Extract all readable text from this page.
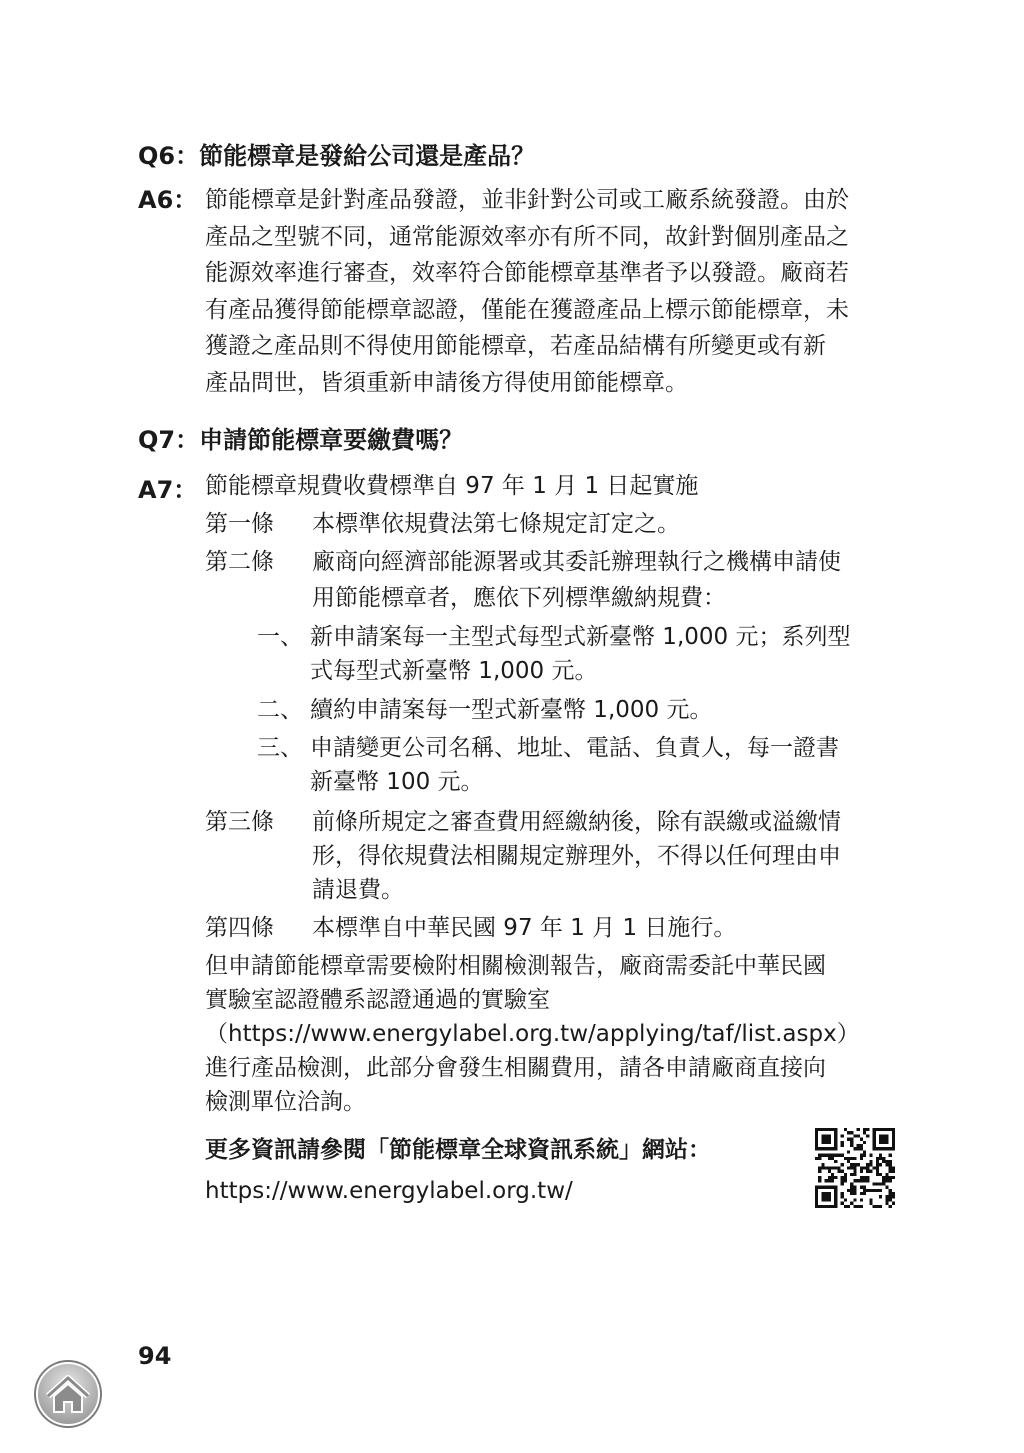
Q6：節能標章是發給公司還是產品？
A6： 節能標章是針對產品發證，並非針對公司或工廠系統發證。由於
產品之型號不同，通常能源效率亦有所不同，故針對個別產品之
能源效率進行審查，效率符合節能標章基準者予以發證。廠商若
有產品獲得節能標章認證，僅能在獲證產品上標示節能標章，未
獲證之產品則不得使用節能標章，若產品結構有所變更或有新
產品問世，皆須重新申請後方得使用節能標章。
Q7：申請節能標章要繳費嗎？
A7： 節能標章規費收費標準自 97 年 1 月 1 日起實施
第一條 本標準依規費法第七條規定訂定之。
第二條 廠商向經濟部能源署或其委託辦理執行之機構申請使
用節能標章者，應依下列標準繳納規費：
一、 新申請案每一主型式每型式新臺幣 1,000 元；系列型
式每型式新臺幣 1,000 元。
二、 續約申請案每一型式新臺幣 1,000 元。
三、 申請變更公司名稱、地址、電話、負責人，每一證書
新臺幣 100 元。
第三條 前條所規定之審查費用經繳納後，除有誤繳或溢繳情
形，得依規費法相關規定辦理外，不得以任何理由申
請退費。
第四條 本標準自中華民國 97 年 1 月 1 日施行。
但申請節能標章需要檢附相關檢測報告，廠商需委託中華民國
實驗室認證體系認證通過的實驗室
（https://www.energylabel.org.tw/applying/taf/list.aspx）
進行產品檢測，此部分會發生相關費用，請各申請廠商直接向
檢測單位洽詢。
更多資訊請參閱「節能標章全球資訊系統」網站：
https://www.energylabel.org.tw/
94
